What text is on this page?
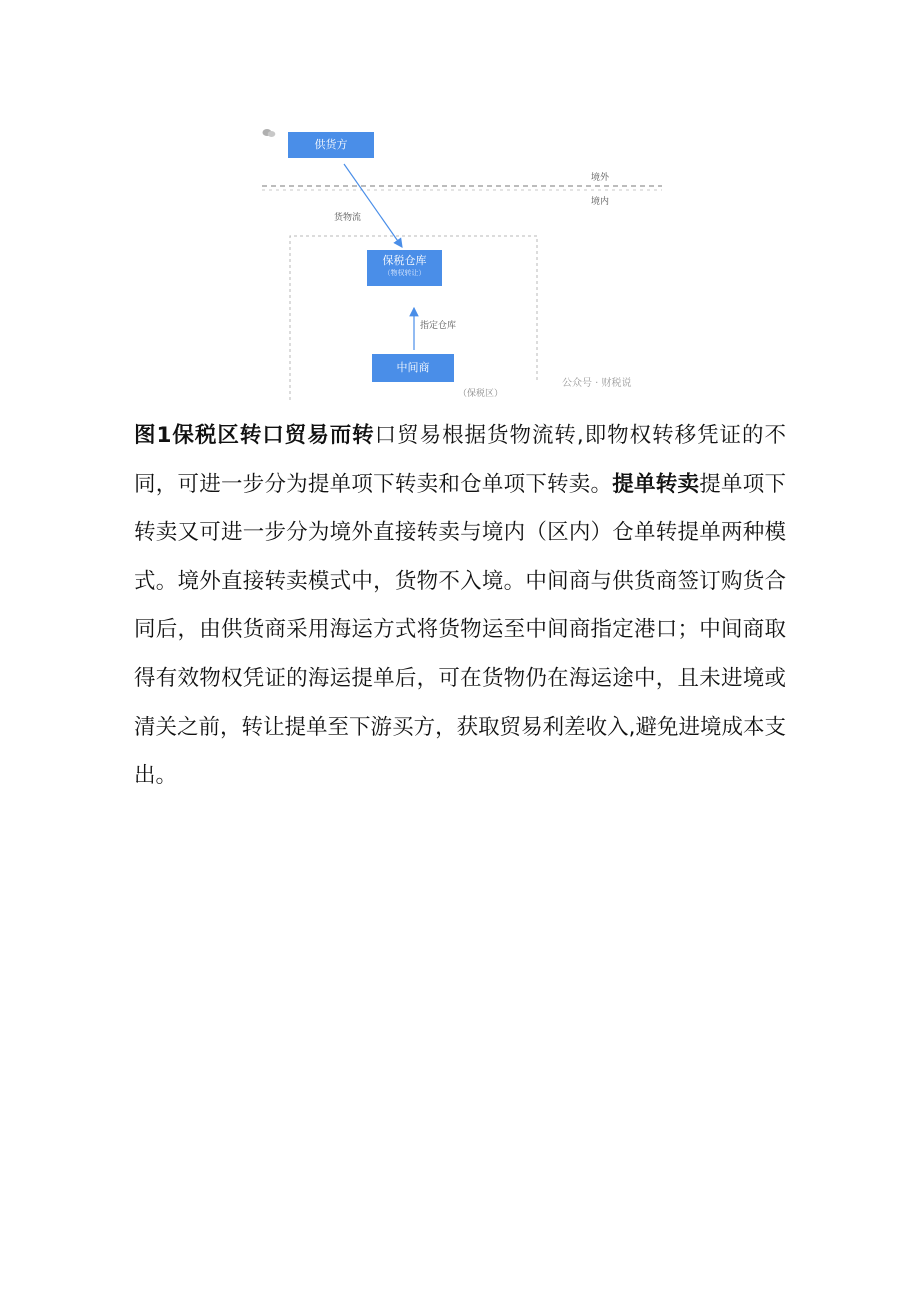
供货方
保税仓库
（物权转让）
中间商
境外
境内
货物流
指定仓库
（保税区）
公众号 · 财税说

图1保税区转口贸易而转口贸易根据货物流转,即物权转移凭证的不同，可进一步分为提单项下转卖和仓单项下转卖。提单转卖提单项下转卖又可进一步分为境外直接转卖与境内（区内）仓单转提单两种模式。境外直接转卖模式中，货物不入境。中间商与供货商签订购货合同后，由供货商采用海运方式将货物运至中间商指定港口；中间商取得有效物权凭证的海运提单后，可在货物仍在海运途中，且未进境或清关之前，转让提单至下游买方，获取贸易利差收入,避免进境成本支出。
